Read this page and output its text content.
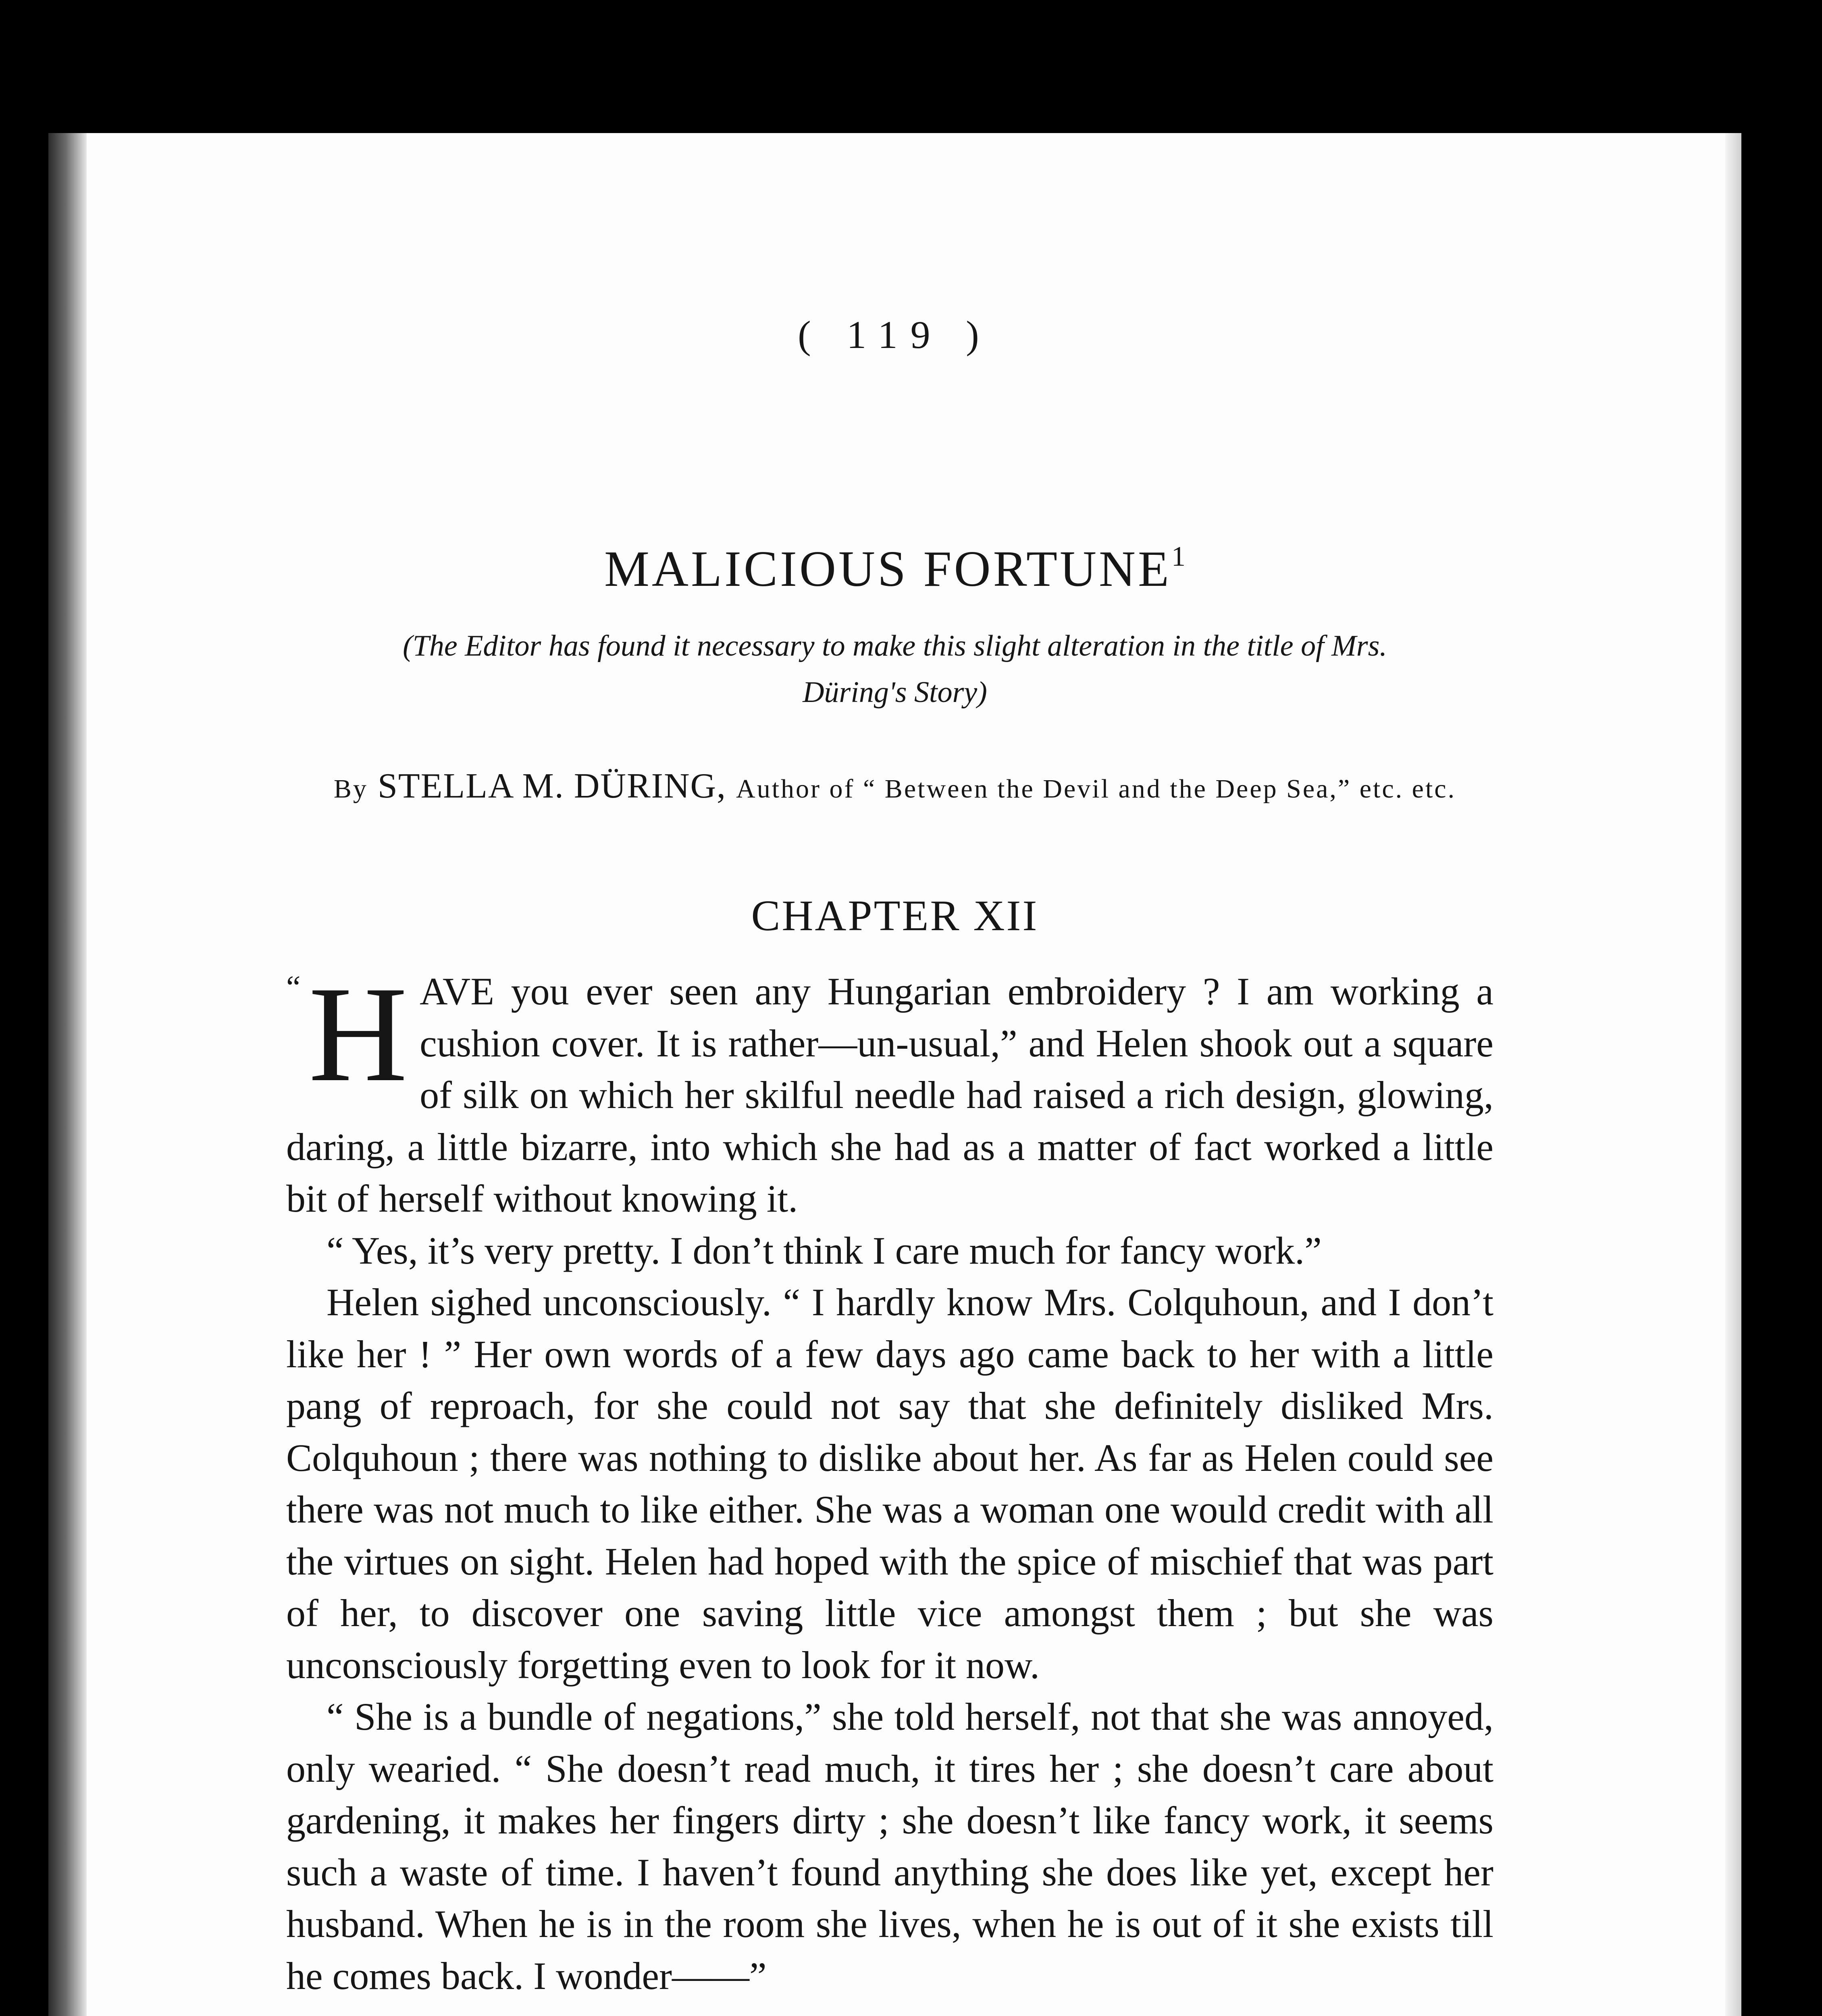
( 119 )
MALICIOUS FORTUNE$^1$
(The Editor has found it necessary to make this slight alteration in the title of Mrs. Düring's Story)
By STELLA M. DÜRING, Author of “ Between the Devil and the Deep Sea,” etc. etc.
CHAPTER XII

“ H AVE you ever seen any Hungarian embroidery ? I am working a cushion cover. It is rather—un-usual,” and Helen shook out a square of silk on which her skilful needle had raised a rich design, glowing, daring, a little bizarre, into which she had as a matter of fact worked a little bit of herself without knowing it.

“ Yes, it’s very pretty. I don’t think I care much for fancy work.”

Helen sighed unconsciously. “ I hardly know Mrs. Colquhoun, and I don’t like her ! ” Her own words of a few days ago came back to her with a little pang of reproach, for she could not say that she definitely disliked Mrs. Colquhoun ; there was nothing to dislike about her. As far as Helen could see there was not much to like either. She was a woman one would credit with all the virtues on sight. Helen had hoped with the spice of mischief that was part of her, to discover one saving little vice amongst them ; but she was unconsciously forgetting even to look for it now.

“ She is a bundle of negations,” she told herself, not that she was annoyed, only wearied. “ She doesn’t read much, it tires her ; she doesn’t care about gardening, it makes her fingers dirty ; she doesn’t like fancy work, it seems such a waste of time. I haven’t found anything she does like yet, except her husband. When he is in the room she lives, when he is out of it she exists till he comes back. I wonder——”
